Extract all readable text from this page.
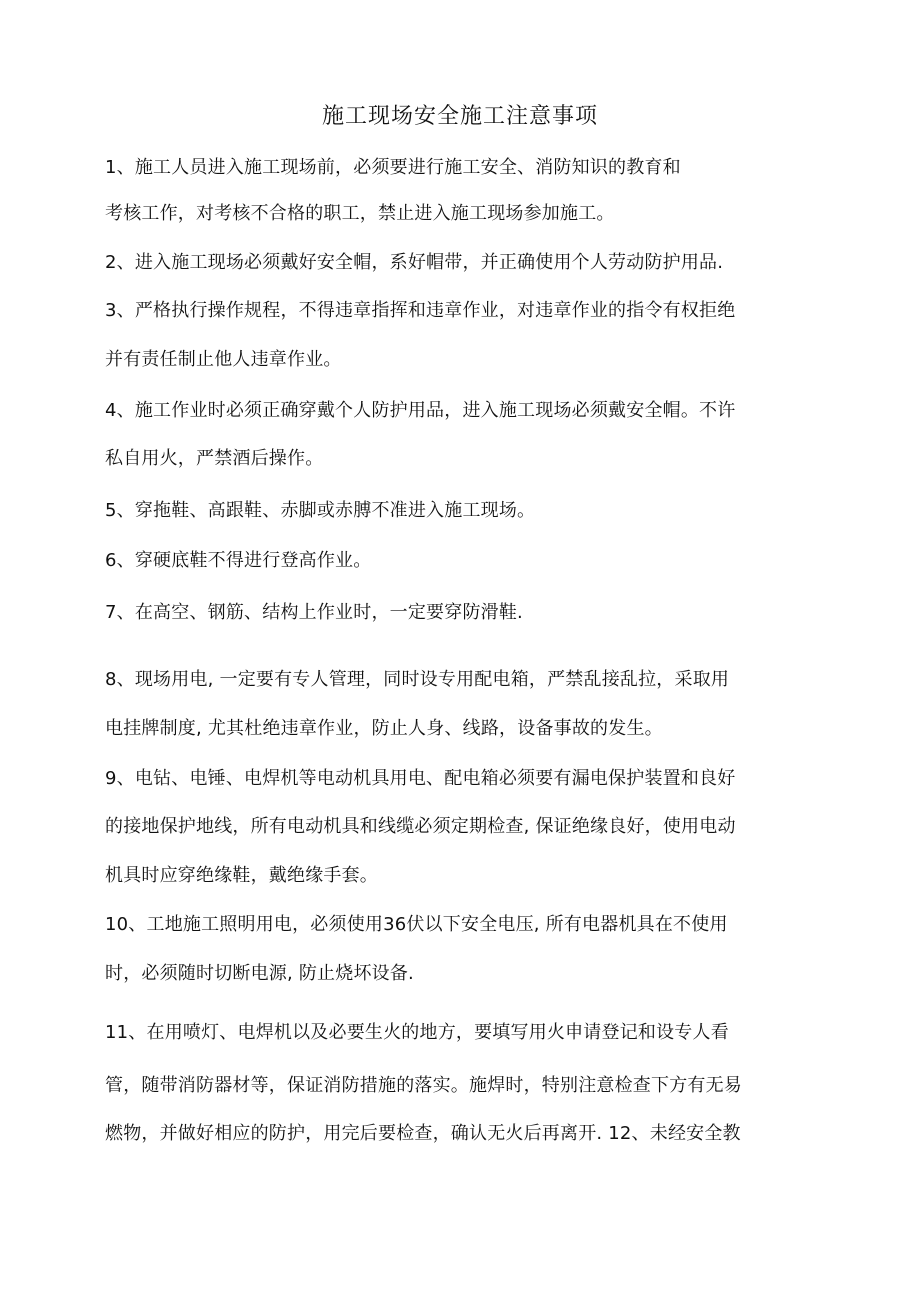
施工现场安全施工注意事项
1、施工人员进入施工现场前，必须要进行施工安全、消防知识的教育和
考核工作，对考核不合格的职工，禁止进入施工现场参加施工。
2、进入施工现场必须戴好安全帽，系好帽带，并正确使用个人劳动防护用品.
3、严格执行操作规程，不得违章指挥和违章作业，对违章作业的指令有权拒绝
并有责任制止他人违章作业。
4、施工作业时必须正确穿戴个人防护用品，进入施工现场必须戴安全帽。不许
私自用火，严禁酒后操作。
5、穿拖鞋、高跟鞋、赤脚或赤膊不准进入施工现场。
6、穿硬底鞋不得进行登高作业。
7、在高空、钢筋、结构上作业时，一定要穿防滑鞋.
8、现场用电, 一定要有专人管理，同时设专用配电箱，严禁乱接乱拉，采取用
电挂牌制度, 尤其杜绝违章作业，防止人身、线路，设备事故的发生。
9、电钻、电锤、电焊机等电动机具用电、配电箱必须要有漏电保护装置和良好
的接地保护地线，所有电动机具和线缆必须定期检查, 保证绝缘良好，使用电动
机具时应穿绝缘鞋，戴绝缘手套。
10、工地施工照明用电，必须使用36伏以下安全电压, 所有电器机具在不使用
时，必须随时切断电源, 防止烧坏设备.
11、在用喷灯、电焊机以及必要生火的地方，要填写用火申请登记和设专人看
管，随带消防器材等，保证消防措施的落实。施焊时，特别注意检查下方有无易
燃物，并做好相应的防护，用完后要检查，确认无火后再离开. 12、未经安全教
